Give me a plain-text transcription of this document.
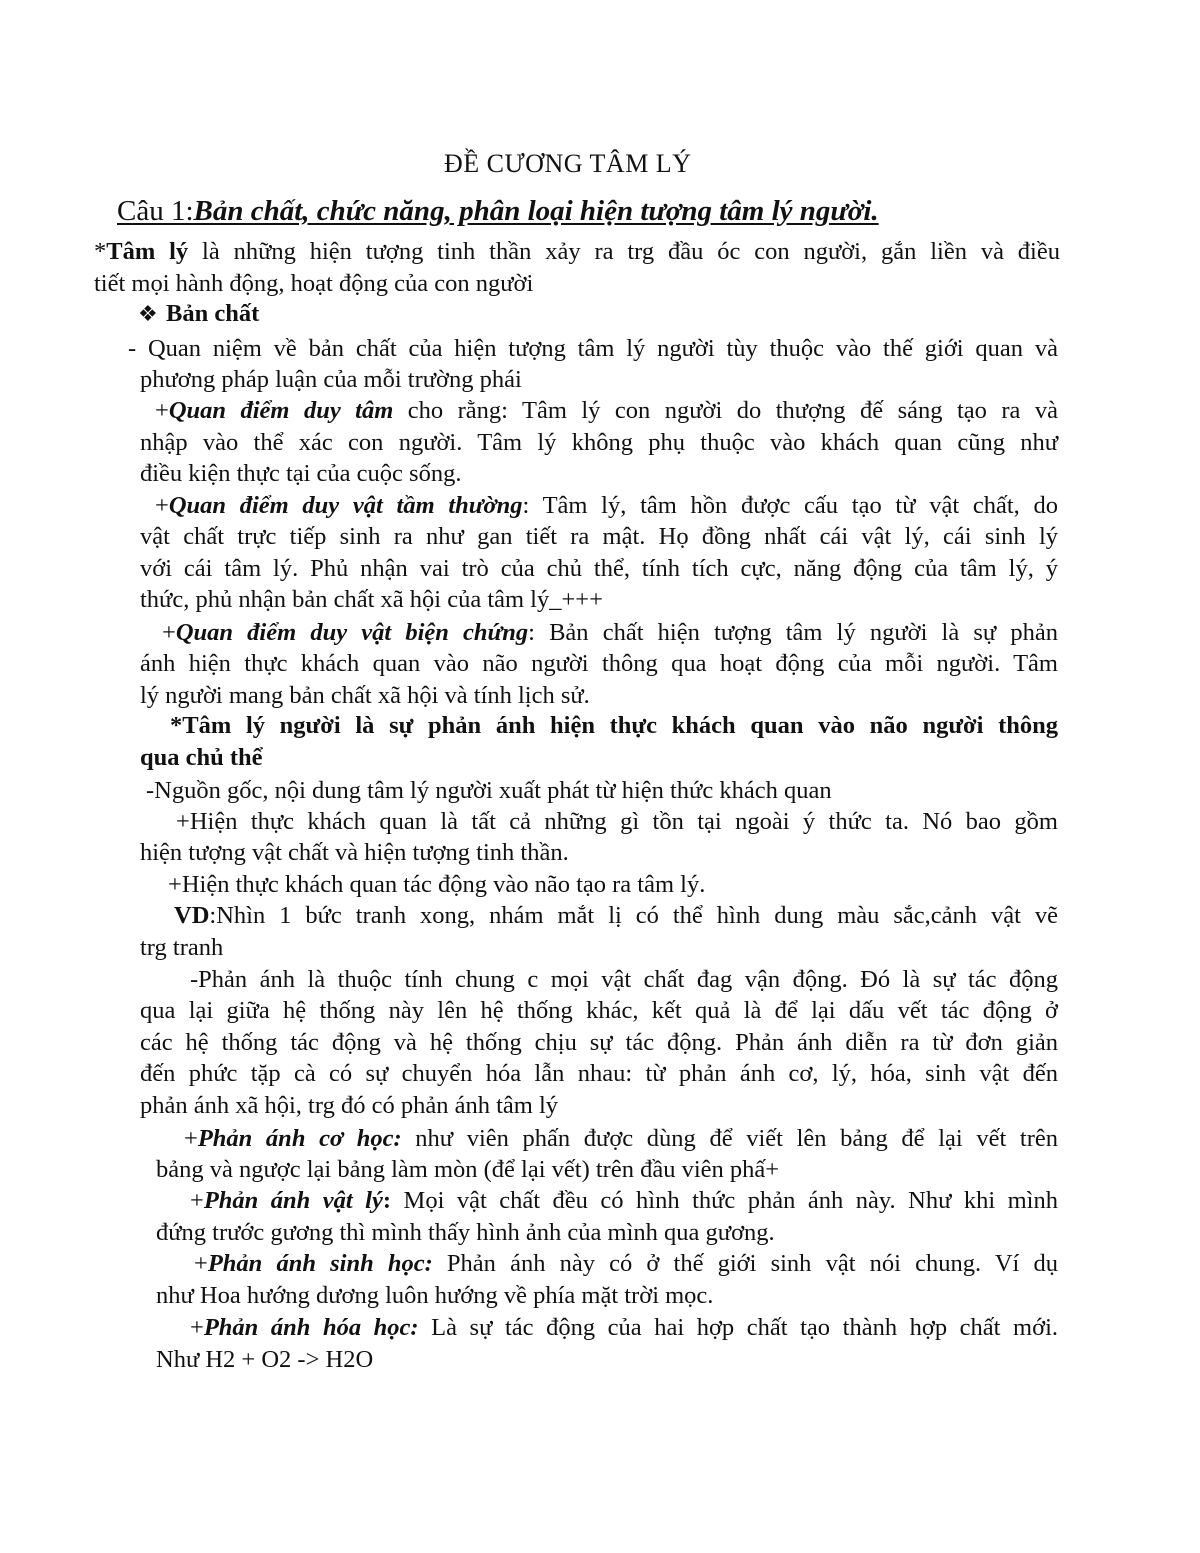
ĐỀ CƯƠNG TÂM LÝ
Câu 1:Bản chất, chức năng, phân loại hiện tượng tâm lý người.
*Tâm lý là những hiện tượng tinh thần xảy ra trg đầu óc con người, gắn liền và điều
tiết mọi hành động, hoạt động của con người
❖ Bản chất
- Quan niệm về bản chất của hiện tượng tâm lý người tùy thuộc vào thế giới quan và
phương pháp luận của mỗi trường phái
+Quan điểm duy tâm cho rằng: Tâm lý con người do thượng đế sáng tạo ra và
nhập vào thể xác con người. Tâm lý không phụ thuộc vào khách quan cũng như
điều kiện thực tại của cuộc sống.
+Quan điểm duy vật tầm thường: Tâm lý, tâm hồn được cấu tạo từ vật chất, do
vật chất trực tiếp sinh ra như gan tiết ra mật. Họ đồng nhất cái vật lý, cái sinh lý
với cái tâm lý. Phủ nhận vai trò của chủ thể, tính tích cực, năng động của tâm lý, ý
thức, phủ nhận bản chất xã hội của tâm lý_+++
+Quan điểm duy vật biện chứng: Bản chất hiện tượng tâm lý người là sự phản
ánh hiện thực khách quan vào não người thông qua hoạt động của mỗi người. Tâm
lý người mang bản chất xã hội và tính lịch sử.
*Tâm lý người là sự phản ánh hiện thực khách quan vào não người thông
qua chủ thể
-Nguồn gốc, nội dung tâm lý người xuất phát từ hiện thức khách quan
+Hiện thực khách quan là tất cả những gì tồn tại ngoài ý thức ta. Nó bao gồm
hiện tượng vật chất và hiện tượng tinh thần.
+Hiện thực khách quan tác động vào não tạo ra tâm lý.
VD:Nhìn 1 bức tranh xong, nhám mắt lị có thể hình dung màu sắc,cảnh vật vẽ
trg tranh
-Phản ánh là thuộc tính chung c mọi vật chất đag vận động. Đó là sự tác động
qua lại giữa hệ thống này lên hệ thống khác, kết quả là để lại dấu vết tác động ở
các hệ thống tác động và hệ thống chịu sự tác động. Phản ánh diễn ra từ đơn giản
đến phức tặp cà có sự chuyển hóa lẫn nhau: từ phản ánh cơ, lý, hóa, sinh vật đến
phản ánh xã hội, trg đó có phản ánh tâm lý
+Phản ánh cơ học: như viên phấn được dùng để viết lên bảng để lại vết trên
bảng và ngược lại bảng làm mòn (để lại vết) trên đầu viên phấ+
+Phản ánh vật lý: Mọi vật chất đều có hình thức phản ánh này. Như khi mình
đứng trước gương thì mình thấy hình ảnh của mình qua gương.
+Phản ánh sinh học: Phản ánh này có ở thế giới sinh vật nói chung. Ví dụ
như Hoa hướng dương luôn hướng về phía mặt trời mọc.
+Phản ánh hóa học: Là sự tác động của hai hợp chất tạo thành hợp chất mới.
Như H2 + O2 -> H2O
